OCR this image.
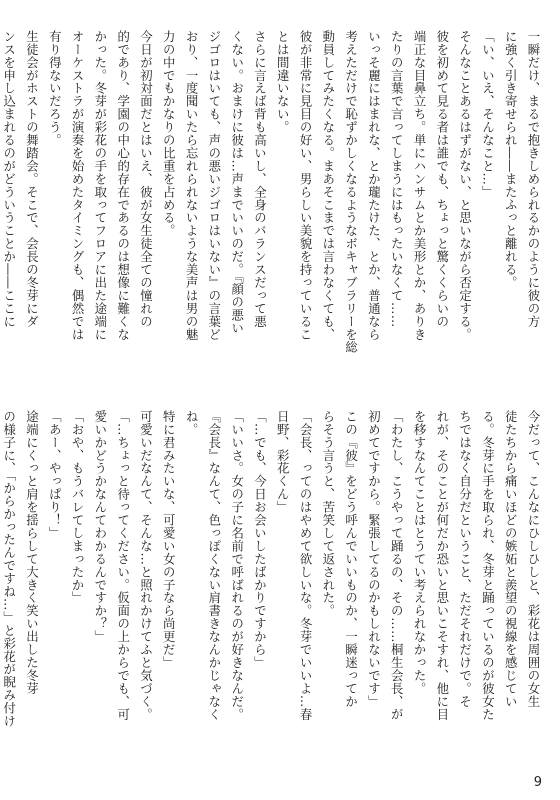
一瞬だけ、まるで抱きしめられるかのように彼の方

に強く引き寄せられ――またふっと離れる。

「い、いえ、そんなこと…」

そんなことあるはずがない、と思いながら否定する。

彼を初めて見る者は誰でも、ちょっと驚くくらいの

端正な目鼻立ち。単にハンサムとか美形とか、ありき

たりの言葉で言ってしまうにはもったいなくて……

いっそ麗にはまれな、とか瓏たけた、とか、普通なら

考えただけで恥ずかしくなるようなボキャブラリーを総

動員してみたくなる。まあそこまでは言わなくても、

彼が非常に見目の好い、男らしい美貌を持っているこ

とは間違いない。

さらに言えば背も高いし、全身のバランスだって悪

くない。おまけに彼は…声までいいのだ。『顔の悪い

ジゴロはいても、声の悪いジゴロはいない』の言葉ど

おり、一度聞いたら忘れられないような美声は男の魅

力の中でもかなりの比重を占める。

今日が初対面だとはいえ、彼が女生徒全ての憧れの

的であり、学園の中心的存在であるのは想像に難くな

かった。冬芽が彩花の手を取ってフロアに出た途端に

オーケストラが演奏を始めたタイミングも、偶然では

有り得ないだろう。

生徒会がホストの舞踏会。そこで、会長の冬芽にダ

ンスを申し込まれるのがどういうことか――ここに

今だって、こんなにひしひしと、彩花は周囲の女生

徒たちから痛いほどの嫉妬と羨望の視線を感じてい

る。冬芽に手を取られ、冬芽と踊っているのが彼女た

ちではなく自分だということ、ただそれだけで。そ

れが、そのことが何だか恐いと思いこそすれ、他に目

を移すなんてことはとうてい考えられなかった。

「わたし、こうやって踊るの、その……桐生会長、が

初めてですから。緊張してるのかもしれないです」

この『彼』をどう呼んでいいものか、一瞬迷ってか

らそう言うと、苦笑して返された。

「会長、ってのはやめて欲しいな。冬芽でいいよ…春

日野、彩花くん」

「…でも、今日お会いしたばかりですから」

「いいさ。女の子に名前で呼ばれるのが好きなんだ。

『会長』なんて、色っぽくない肩書きなんかじゃなく

ね。

特に君みたいな、可愛い女の子なら尚更だ」

可愛いだなんて、そんな…と照れかけてふと気づく。

「…ちょっと待ってください。仮面の上からでも、可

愛いかどうかなんてわかるんですか？」

「おや、もうバレてしまったか」

「あー、やっぱり！」

途端にくっと肩を揺らして大きく笑い出した冬芽

の様子に、「からかったんですね…」と彩花が睨み付け

9
